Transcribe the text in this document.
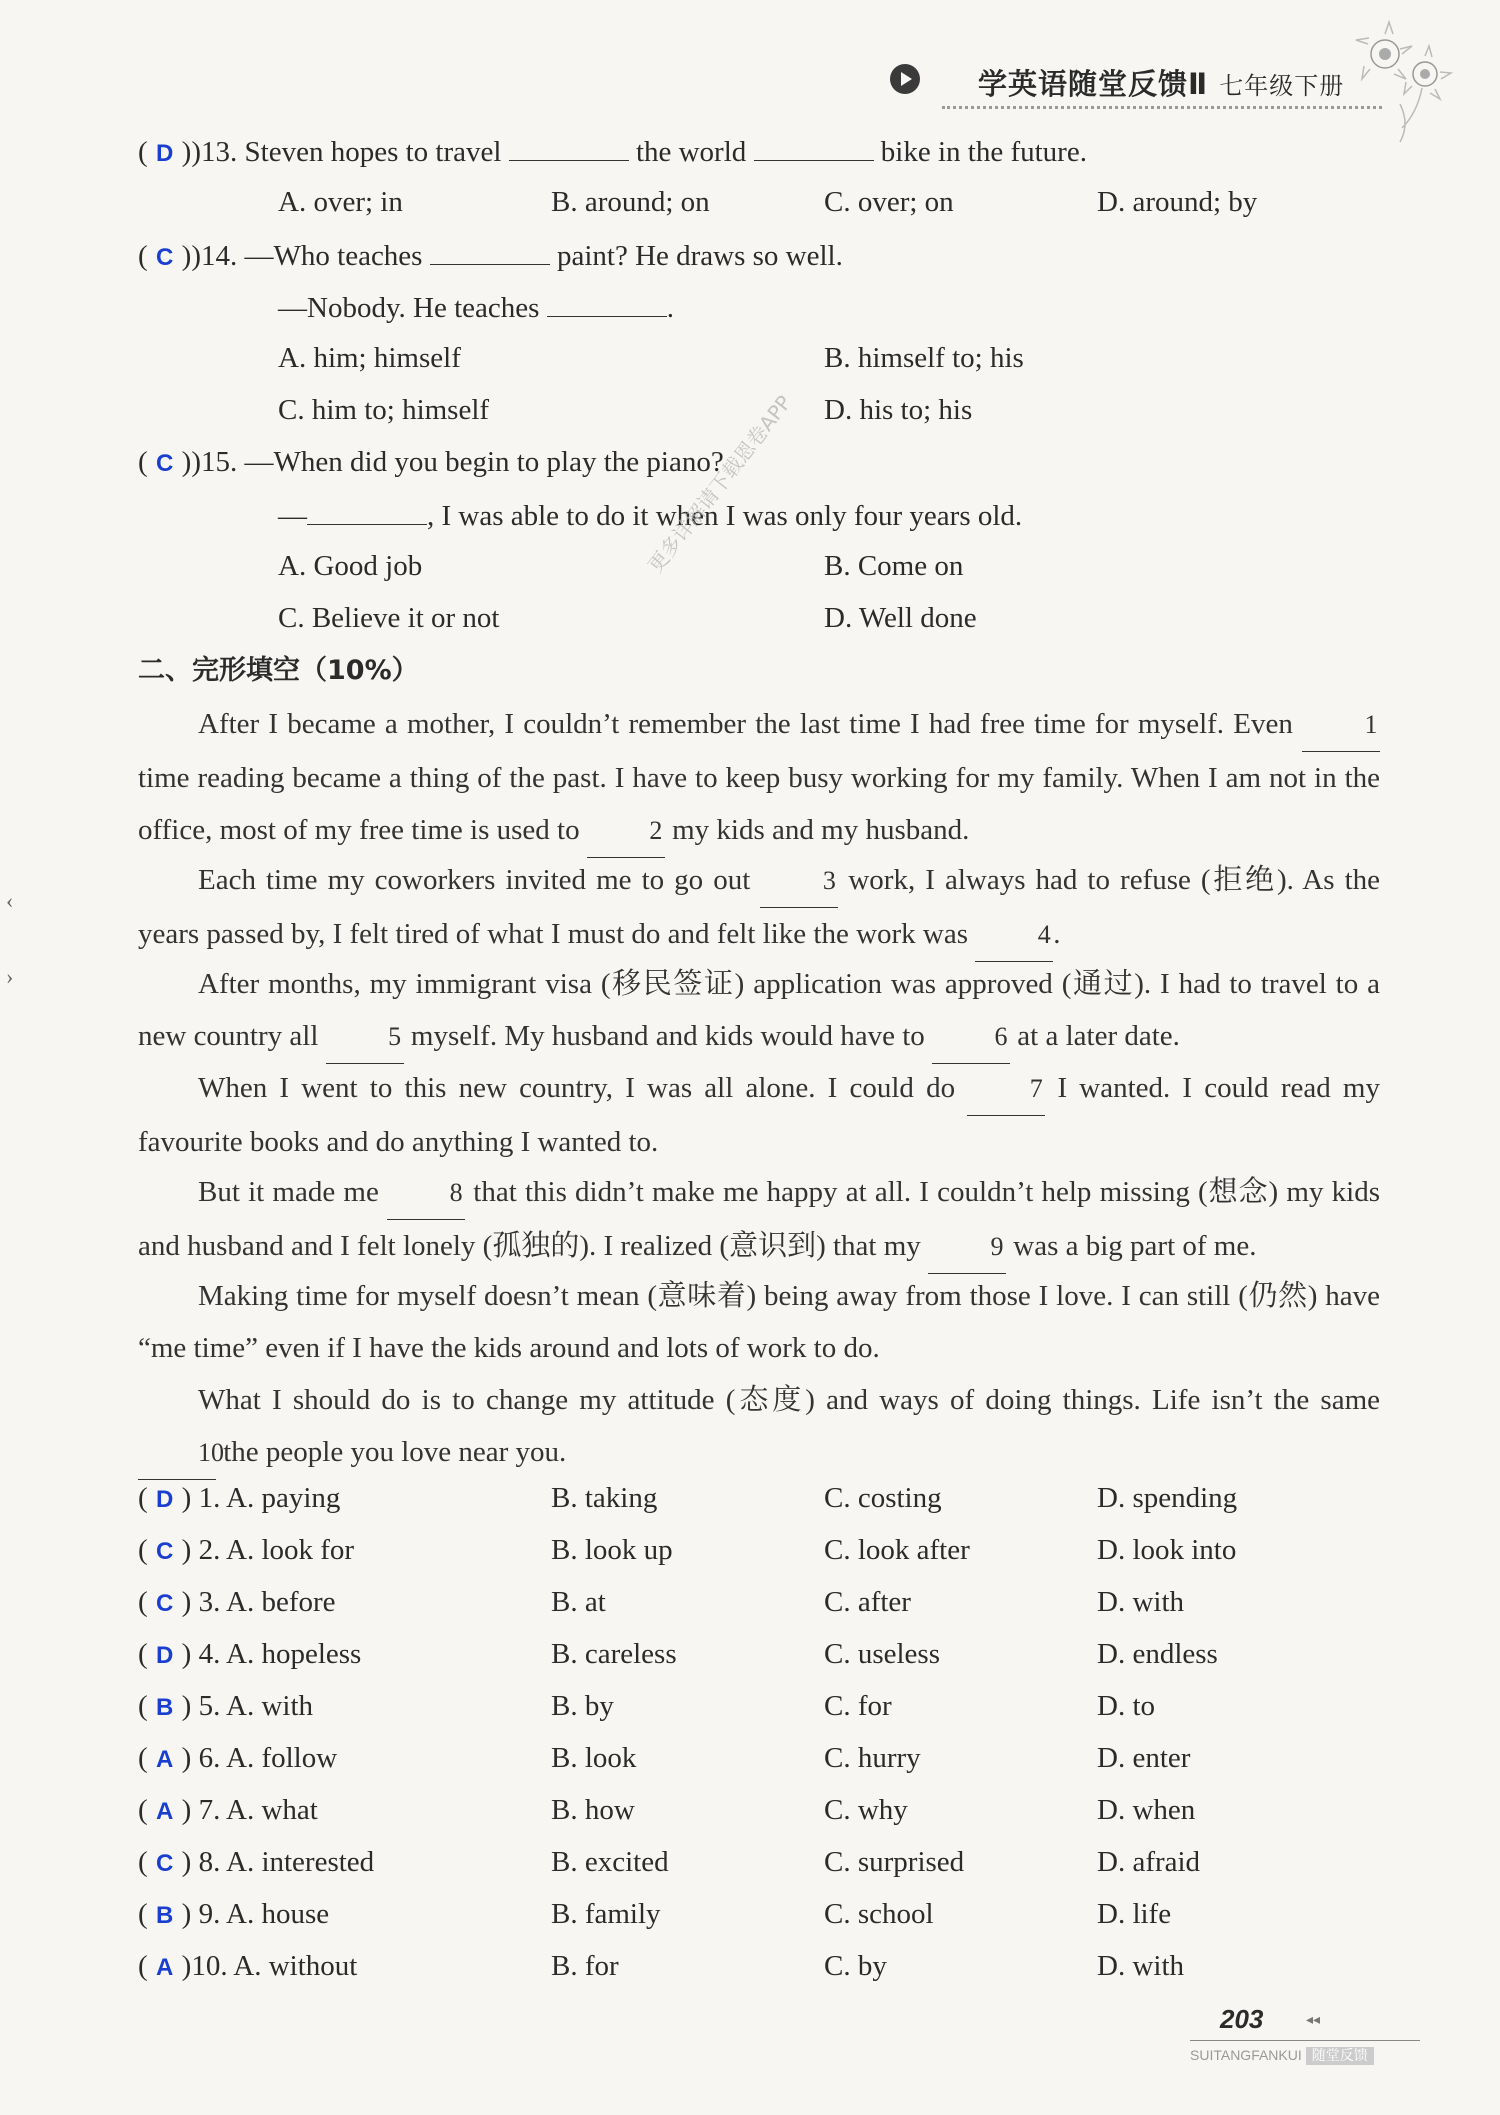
学英语随堂反馈Ⅱ 七年级下册
‹
›
( D ))13. Steven hopes to travel	the world	bike in the future.
A. over; in	B. around; on	C. over; on	D. around; by
( C ))14. —Who teaches	paint? He draws so well.
—Nobody. He teaches	.
A. him; himself	B. himself to; his
C. him to; himself	D. his to; his
( C ))15. —When did you begin to play the piano?
—	, I was able to do it when I was only four years old.
A. Good job	B. Come on
C. Believe it or not	D. Well done
更多详解请下载恩卷APP
二、完形填空（10%）
After I became a mother, I couldn’t remember the last time I had free time for myself. Even	1 time reading became a thing of the past. I have to keep busy working for my family. When I am not in the office, most of my free time is used to	2 my kids and my husband.
Each time my coworkers invited me to go out	3 work, I always had to refuse (拒绝). As the years passed by, I felt tired of what I must do and felt like the work was	4.
After months, my immigrant visa (移民签证) application was approved (通过). I had to travel to a new country all	5 myself. My husband and kids would have to	6 at a later date.
When I went to this new country, I was all alone. I could do	7 I wanted. I could read my favourite books and do anything I wanted to.
But it made me	8 that this didn’t make me happy at all. I couldn’t help missing (想念) my kids and husband and I felt lonely (孤独的). I realized (意识到) that my	9 was a big part of me.
Making time for myself doesn’t mean (意味着) being away from those I love. I can still (仍然) have “me time” even if I have the kids around and lots of work to do.
What I should do is to change my attitude (态度) and ways of doing things. Life isn’t the same 10 the people you love near you.
( D ) 1. A. paying	B. taking	C. costing	D. spending
( C ) 2. A. look for	B. look up	C. look after	D. look into
( C ) 3. A. before	B. at	C. after	D. with
( D ) 4. A. hopeless	B. careless	C. useless	D. endless
( B ) 5. A. with	B. by	C. for	D. to
( A ) 6. A. follow	B. look	C. hurry	D. enter
( A ) 7. A. what	B. how	C. why	D. when
( C ) 8. A. interested	B. excited	C. surprised	D. afraid
( B ) 9. A. house	B. family	C. school	D. life
( A )10. A. without	B. for	C. by	D. with
◂◂
203
SUITANGFANKUI 随堂反馈
